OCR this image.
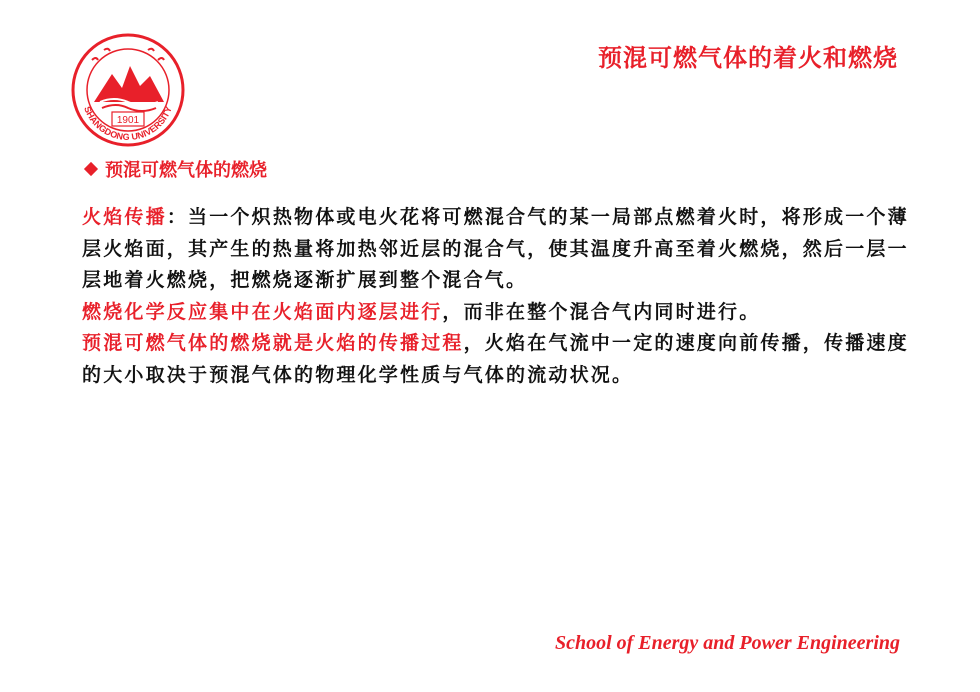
1901
SHANGDONG UNIVERSITY
预混可燃气体的着火和燃烧
预混可燃气体的燃烧
火焰传播：当一个炽热物体或电火花将可燃混合气的某一局部点燃着火时，将形成一个薄层火焰面，其产生的热量将加热邻近层的混合气，使其温度升高至着火燃烧，然后一层一层地着火燃烧，把燃烧逐渐扩展到整个混合气。
燃烧化学反应集中在火焰面内逐层进行，而非在整个混合气内同时进行。
预混可燃气体的燃烧就是火焰的传播过程，火焰在气流中一定的速度向前传播，传播速度的大小取决于预混气体的物理化学性质与气体的流动状况。
School of Energy and Power Engineering
